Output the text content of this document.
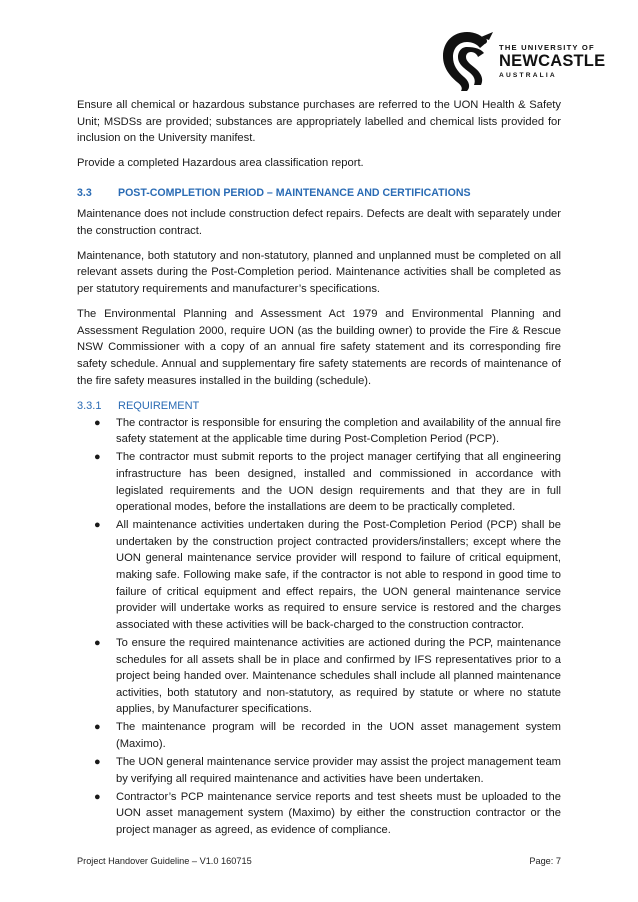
THE UNIVERSITY OF
NEWCASTLE
AUSTRALIA

Ensure all chemical or hazardous substance purchases are referred to the UON Health & Safety Unit; MSDSs are provided; substances are appropriately labelled and chemical lists provided for inclusion on the University manifest.

Provide a completed Hazardous area classification report.

3.3 POST-COMPLETION PERIOD – MAINTENANCE AND CERTIFICATIONS

Maintenance does not include construction defect repairs. Defects are dealt with separately under the construction contract.

Maintenance, both statutory and non-statutory, planned and unplanned must be completed on all relevant assets during the Post-Completion period. Maintenance activities shall be completed as per statutory requirements and manufacturer’s specifications.

The Environmental Planning and Assessment Act 1979 and Environmental Planning and Assessment Regulation 2000, require UON (as the building owner) to provide the Fire & Rescue NSW Commissioner with a copy of an annual fire safety statement and its corresponding fire safety schedule. Annual and supplementary fire safety statements are records of maintenance of the fire safety measures installed in the building (schedule).

3.3.1 REQUIREMENT
● The contractor is responsible for ensuring the completion and availability of the annual fire safety statement at the applicable time during Post-Completion Period (PCP).
● The contractor must submit reports to the project manager certifying that all engineering infrastructure has been designed, installed and commissioned in accordance with legislated requirements and the UON design requirements and that they are in full operational modes, before the installations are deem to be practically completed.
● All maintenance activities undertaken during the Post-Completion Period (PCP) shall be undertaken by the construction project contracted providers/installers; except where the UON general maintenance service provider will respond to failure of critical equipment, making safe. Following make safe, if the contractor is not able to respond in good time to failure of critical equipment and effect repairs, the UON general maintenance service provider will undertake works as required to ensure service is restored and the charges associated with these activities will be back-charged to the construction contractor.
● To ensure the required maintenance activities are actioned during the PCP, maintenance schedules for all assets shall be in place and confirmed by IFS representatives prior to a project being handed over. Maintenance schedules shall include all planned maintenance activities, both statutory and non-statutory, as required by statute or where no statute applies, by Manufacturer specifications.
● The maintenance program will be recorded in the UON asset management system (Maximo).
● The UON general maintenance service provider may assist the project management team by verifying all required maintenance and activities have been undertaken.
● Contractor’s PCP maintenance service reports and test sheets must be uploaded to the UON asset management system (Maximo) by either the construction contractor or the project manager as agreed, as evidence of compliance.
Project Handover Guideline – V1.0 160715	Page: 7
